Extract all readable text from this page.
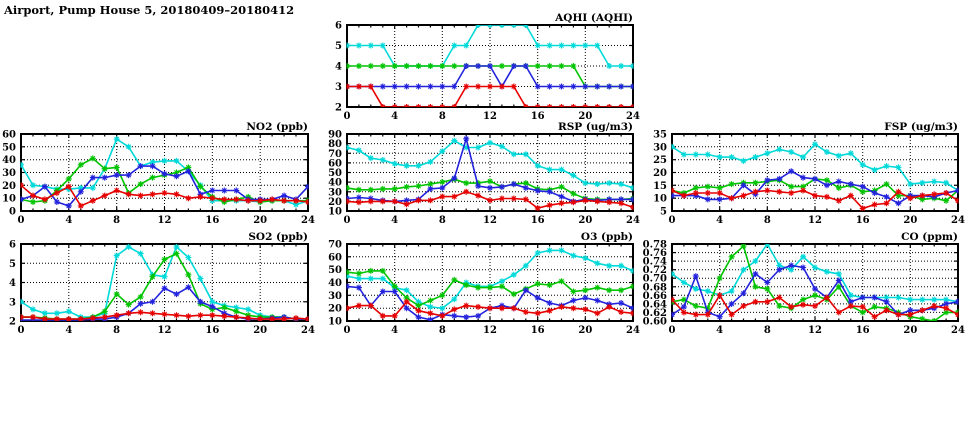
Airport, Pump House 5, 20180409–20180412
2
3
4
5
6
0	4	8	12	16	20	24
AQHI (AQHI)
0
10
20
30
40
50
60
0	4	8	12	16	20	24
NO2 (ppb)
10
20
30
40
50
60
70
80
90
0	4	8	12	16	20	24
RSP (ug/m3)
5
10
15
20
25
30
35
0	4	8	12	16	20	24
FSP (ug/m3)
2
3
4
5
6
0	4	8	12	16	20	24
SO2 (ppb)
10
20
30
40
50
60
70
0	4	8	12	16	20	24
O3 (ppb)
0.60
0.62
0.64
0.66
0.68
0.70
0.72
0.74
0.76
0.78
0	4	8	12	16	20	24
CO (ppm)
